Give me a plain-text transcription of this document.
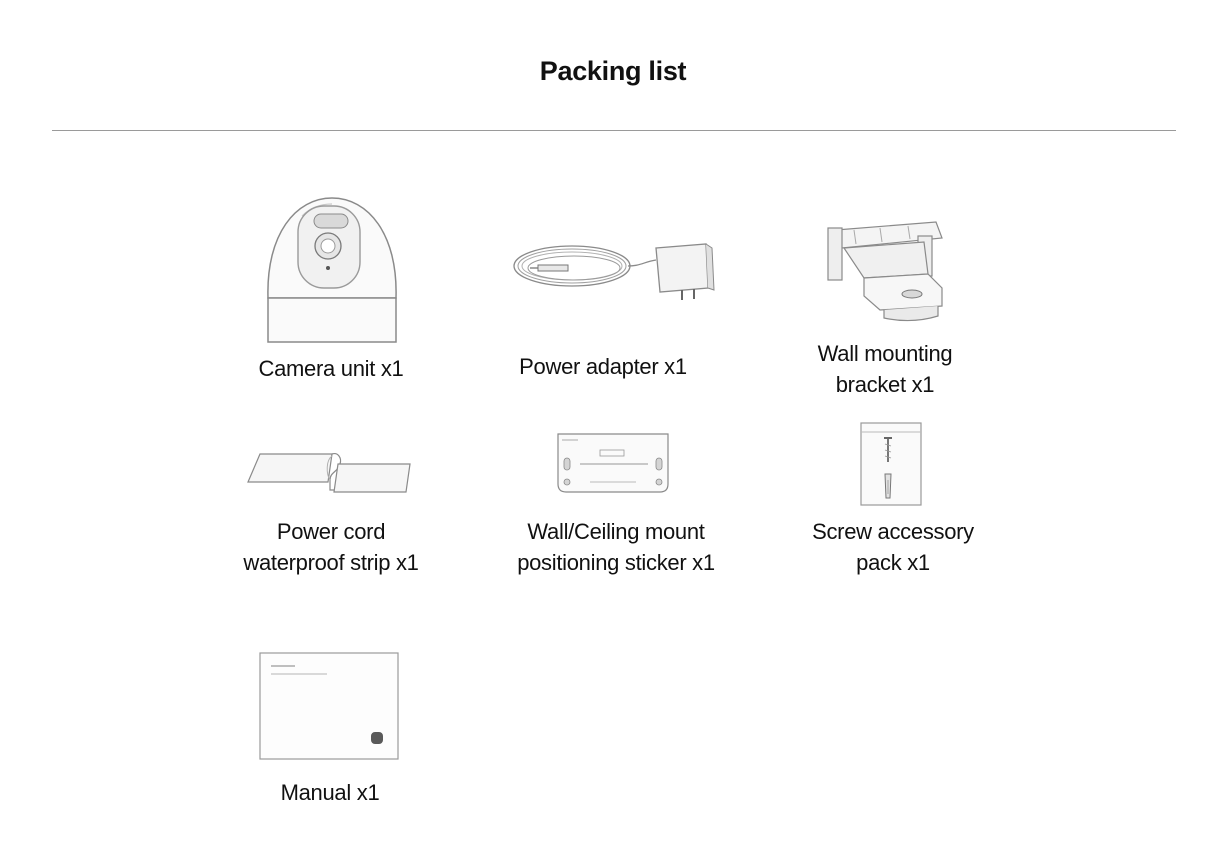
Packing list
Camera unit x1	Power adapter x1
Wall mounting
bracket x1
Power cord
waterproof strip x1
Wall/Ceiling mount
positioning sticker x1
Screw accessory
pack x1
Manual x1
